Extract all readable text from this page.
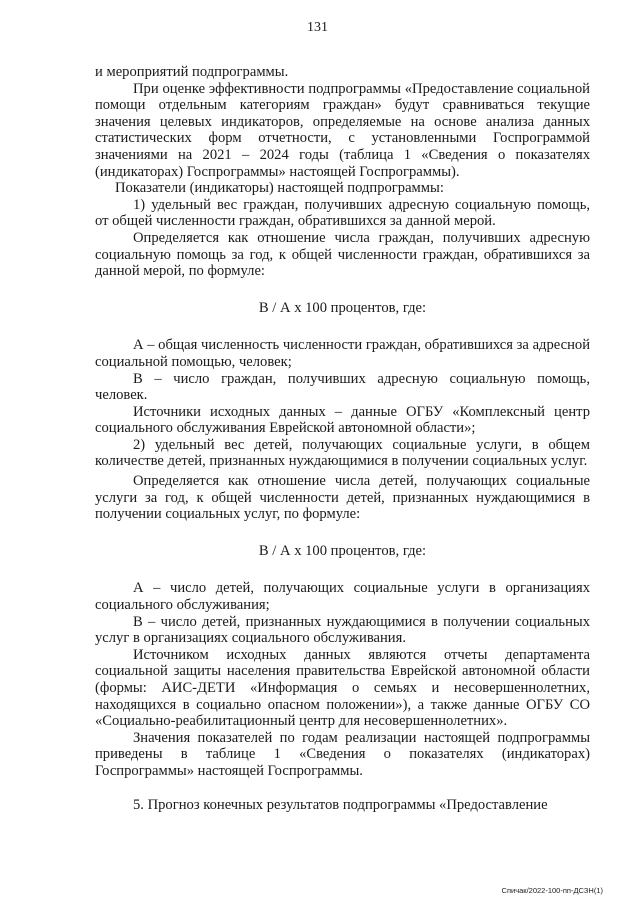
131

и мероприятий подпрограммы.

При оценке эффективности подпрограммы «Предоставление социальной помощи отдельным категориям граждан» будут сравниваться текущие значения целевых индикаторов, определяемые на основе анализа данных статистических форм отчетности, с установленными Госпрограммой значениями на 2021 – 2024 годы (таблица 1 «Сведения о показателях (индикаторах) Госпрограммы» настоящей Госпрограммы).

Показатели (индикаторы) настоящей подпрограммы:

1) удельный вес граждан, получивших адресную социальную помощь, от общей численности граждан, обратившихся за данной мерой.

Определяется как отношение числа граждан, получивших адресную социальную помощь за год, к общей численности граждан, обратившихся за данной мерой, по формуле:

В / А х 100 процентов, где:

А – общая численность численности граждан, обратившихся за адресной социальной помощью, человек;

В – число граждан, получивших адресную социальную помощь, человек.

Источники исходных данных – данные ОГБУ «Комплексный центр социального обслуживания Еврейской автономной области»;

2) удельный вес детей, получающих социальные услуги, в общем количестве детей, признанных нуждающимися в получении социальных услуг.

Определяется как отношение числа детей, получающих социальные услуги за год, к общей численности детей, признанных нуждающимися в получении социальных услуг, по формуле:

В / А х 100 процентов, где:

А – число детей, получающих социальные услуги в организациях социального обслуживания;

В – число детей, признанных нуждающимися в получении социальных услуг в организациях социального обслуживания.

Источником исходных данных являются отчеты департамента социальной защиты населения правительства Еврейской автономной области (формы: АИС-ДЕТИ «Информация о семьях и несовершеннолетних, находящихся в социально опасном положении»), а также данные ОГБУ СО «Социально-реабилитационный центр для несовершеннолетних».

Значения показателей по годам реализации настоящей подпрограммы приведены в таблице 1 «Сведения о показателях (индикаторах) Госпрограммы» настоящей Госпрограммы.

5. Прогноз конечных результатов подпрограммы «Предоставление

Спичак/2022-100-пп-ДСЗН(1)
